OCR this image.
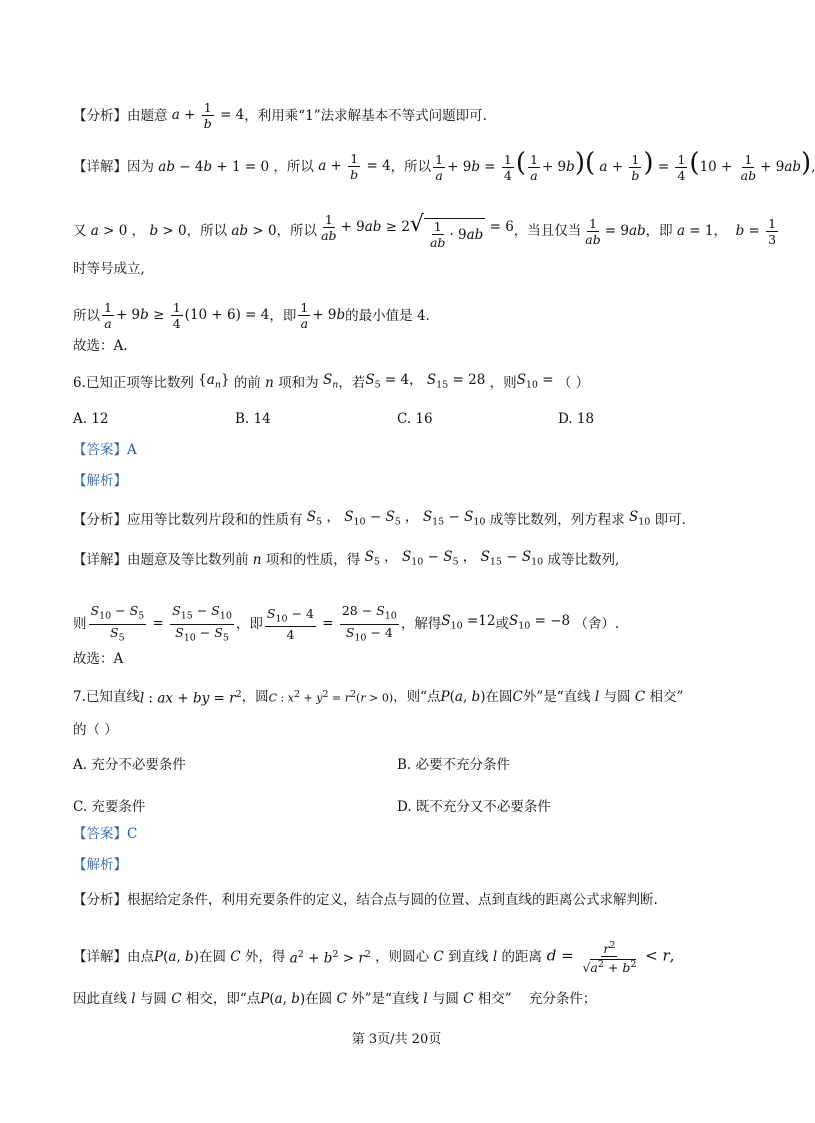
【分析】 由题意 $a + \frac{1}{b} = 4$ ，利用乘“1”法求解基本不等式问题即可.
【详解】 因为 ab − 4b + 1 = 0 ，所以 $a + \frac{1}{b} = 4$ ，所以 $\frac{1}{a} + 9b = \frac{1}{4}$ ( $\frac{1}{a} + 9b$)( $a + \frac{1}{b}$ ) = $\frac{1}{4} (10 + \frac{1}{ab} + 9ab)$
又 a > 0 ， b > 0 ，所以 ab > 0 ，所以 $\frac{1}{ab} + 9ab \ge 2√ \frac{1}{ab} \cdot 9$ ab = 6 ，当且仅当 $\frac{1}{ab} = 9ab$ ，即 a = 1 ， $b = \frac{1}{3}$
时等号成立,
所以 $\frac{1}{a} + 9b \ge \frac{1}{4} (10 + 6) = 4$ ，即 $\frac{1}{a} + 9b$ 的最小值是 4.
故选：A.
6. 已知正项等比数列 $\{a_n\}$ 的前 n 项和为 $S_n$ ，若 $S_5 = 4$， $S_{15} = 28$ ，则 $S_{10}$ = （ ）
A. 12	B. 14	C. 16	D. 18
【答案】A
【解析】
【分析】 应用等比数列片段和的性质有 $S_5$ ， $S_{10} - S_5$ ， $S_{15} - S_{10}$ 成等比数列，列方程求 $S_{10}$ 即可.
【详解】 由题意及等比数列前 n 项和的性质，得 $S_5$ ， $S_{10} - S_5$ ， $S_{15} - S_{10}$ 成等比数列,
则 $\frac{S_{10} - S_5}{S_5} = \frac{S_{15} - S_{10}}{S_{10} - S_5}$ ，即 $\frac{S_{10} - 4}{4} = \frac{28 - S_{10}}{S_{10} - 4}$ ，解得 $S_{10} =12$ 或 $S_{10} = -8$ （舍）.
故选：A
7. 已知直线 l : ax + by = $r^2$ ，圆 C : $x^2 + y^2 = r^2(r > 0)$ ，则“点 P(a, b) 在圆 C 外”是“直线 l 与圆 C 相交”
的（ ）
A. 充分不必要条件	B. 必要不充分条件
C. 充要条件	D. 既不充分又不必要条件
【答案】C
【解析】
【分析】 根据给定条件，利用充要条件的定义，结合点与圆的位置、点到直线的距离公式求解判断.
【详解】 由点 P(a, b) 在圆 C 外，得 $a^2 + b^2 > r^2$ ，则圆心 C 到直线 l 的距离 $d = \frac{r^2}{√a^2 + b^2} < r$,
因此直线 l 与圆 C 相交，即“点 P(a, b) 在圆 C 外”是“直线 l 与圆 C 相交”
充分条件；
第 3页/共 20页
